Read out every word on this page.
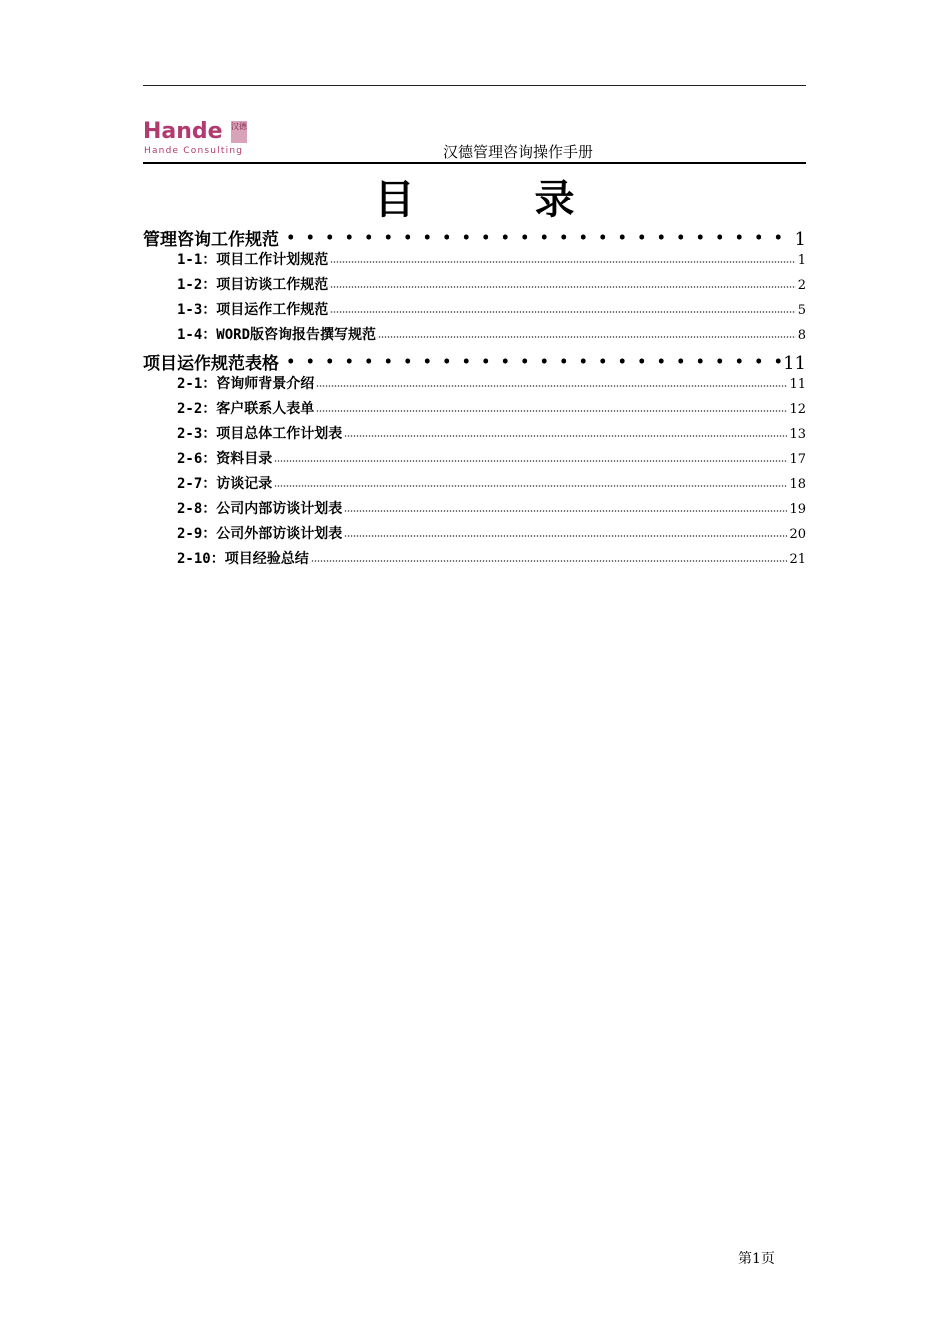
Hande 汉德
Hande Consulting	汉德管理咨询操作手册
目录
管理咨询工作规范	1
1-1：项目工作计划规范	1
1-2：项目访谈工作规范	2
1-3：项目运作工作规范	5
1-4：WORD版咨询报告撰写规范	8
项目运作规范表格	11
2-1：咨询师背景介绍	11
2-2：客户联系人表单	12
2-3：项目总体工作计划表	13
2-6：资料目录	17
2-7：访谈记录	18
2-8：公司内部访谈计划表	19
2-9：公司外部访谈计划表	20
2-10：项目经验总结	21
第1页
